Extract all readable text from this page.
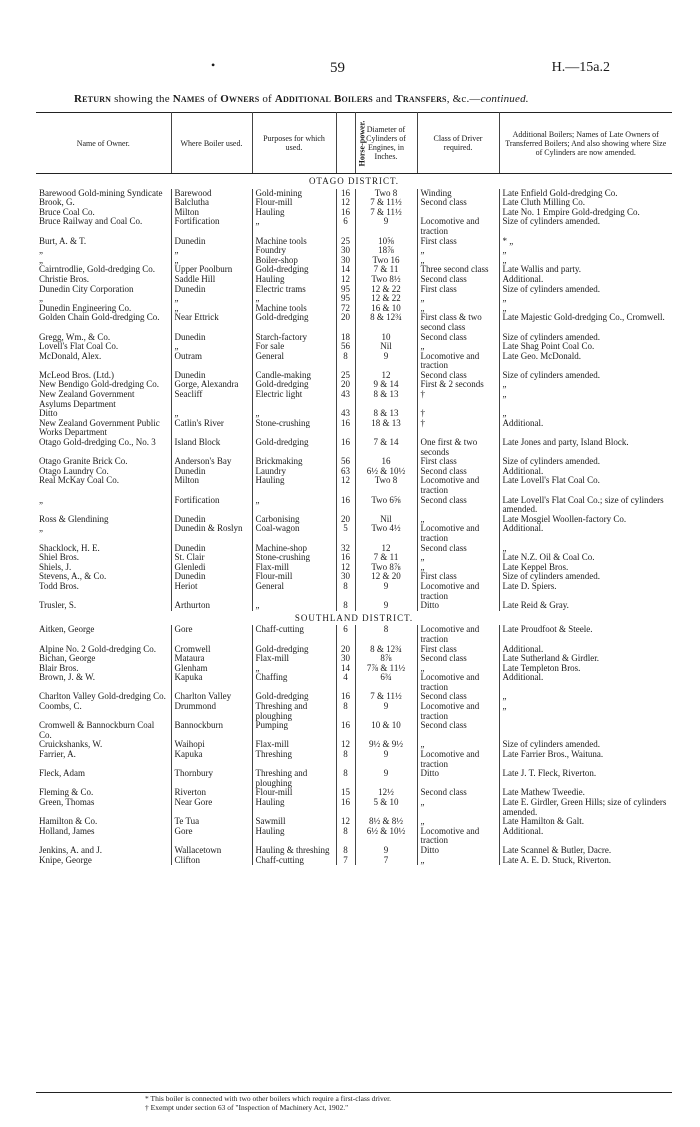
•	59	H.—15a.2
Return showing the Names of Owners of Additional Boilers and Transfers, &c.—continued.
Name of Owner.	Where Boiler used.	Purposes for which used.	Horse-power.	Diameter of Cylinders of Engines, in Inches.	Class of Driver required.	Additional Boilers; Names of Late Owners of Transferred Boilers; And also showing where Size of Cylinders are now amended.
OTAGO DISTRICT.						
Barewood Gold-mining Syndicate	Barewood	Gold-mining	16	Two 8	Winding	Late Enfield Gold-dredging Co.
Brook, G.	Balclutha	Flour-mill	12	7 & 11½	Second class	Late Cluth Milling Co.
Bruce Coal Co.	Milton	Hauling	16	7 & 11½		Late No. 1 Empire Gold-dredging Co.
Bruce Railway and Coal Co.	Fortification	„	6	9	Locomotive and traction	Size of cylinders amended.
Burt, A. & T.	Dunedin	Machine tools	25	10⅝	First class	* „
„	„	Foundry	30	18⅞	„	„
„	„	Boiler-shop	30	Two 16	„	„
Cairntrodlie, Gold-dredging Co.	Upper Poolburn	Gold-dredging	14	7 & 11	Three second class	Late Wallis and party.
Christie Bros.	Saddle Hill	Hauling	12	Two 8½	Second class	Additional.
Dunedin City Corporation	Dunedin	Electric trams	95	12 & 22	First class	Size of cylinders amended.
„	„	„	95	12 & 22	„	„
Dunedin Engineering Co.	„	Machine tools	72	16 & 10	„	„
Golden Chain Gold-dredging Co.	Near Ettrick	Gold-dredging	20	8 & 12¾	First class & two second class	Late Majestic Gold-dredging Co., Cromwell.
Gregg, Wm., & Co.	Dunedin	Starch-factory	18	10	Second class	Size of cylinders amended.
Lovell's Flat Coal Co.	„	For sale	56	Nil	„	Late Shag Point Coal Co.
McDonald, Alex.	Outram	General	8	9	Locomotive and traction	Late Geo. McDonald.
McLeod Bros. (Ltd.)	Dunedin	Candle-making	25	12	Second class	Size of cylinders amended.
New Bendigo Gold-dredging Co.	Gorge, Alexandra	Gold-dredging	20	9 & 14	First & 2 seconds	„
New Zealand Government Asylums Department	Seacliff	Electric light	43	8 & 13	†	„
Ditto	„	„	43	8 & 13	†	„
New Zealand Government Public Works Department	Catlin's River	Stone-crushing	16	18 & 13	†	Additional.
Otago Gold-dredging Co., No. 3	Island Block	Gold-dredging	16	7 & 14	One first & two seconds	Late Jones and party, Island Block.
Otago Granite Brick Co.	Anderson's Bay	Brickmaking	56	16	First class	Size of cylinders amended.
Otago Laundry Co.	Dunedin	Laundry	63	6½ & 10½	Second class	Additional.
Real McKay Coal Co.	Milton	Hauling	12	Two 8	Locomotive and traction	Late Lovell's Flat Coal Co.
„	Fortification	„	16	Two 6⅝	Second class	Late Lovell's Flat Coal Co.; size of cylinders amended.
Ross & Glendining	Dunedin	Carbonising	20	Nil	„	Late Mosgiel Woollen-factory Co.
„	Dunedin & Roslyn	Coal-wagon	5	Two 4½	Locomotive and traction	Additional.
Shacklock, H. E.	Dunedin	Machine-shop	32	12	Second class	„
Shiel Bros.	St. Clair	Stone-crushing	16	7 & 11	„	Late N.Z. Oil & Coal Co.
Shiels, J.	Glenledi	Flax-mill	12	Two 8⅞	„	Late Keppel Bros.
Stevens, A., & Co.	Dunedin	Flour-mill	30	12 & 20	First class	Size of cylinders amended.
Todd Bros.	Heriot	General	8	9	Locomotive and traction	Late D. Spiers.
Trusler, S.	Arthurton	„	8	9	Ditto	Late Reid & Gray.
SOUTHLAND DISTRICT.						
Aitken, George	Gore	Chaff-cutting	6	8	Locomotive and traction	Late Proudfoot & Steele.
Alpine No. 2 Gold-dredging Co.	Cromwell	Gold-dredging	20	8 & 12¾	First class	Additional.
Bichan, George	Mataura	Flax-mill	30	8⅞	Second class	Late Sutherland & Girdler.
Blair Bros.	Glenham	„	14	7⅞ & 11½	„	Late Templeton Bros.
Brown, J. & W.	Kapuka	Chaffing	4	6¾	Locomotive and traction	Additional.
Charlton Valley Gold-dredging Co.	Charlton Valley	Gold-dredging	16	7 & 11½	Second class	„
Coombs, C.	Drummond	Threshing and ploughing	8	9	Locomotive and traction	„
Cromwell & Bannockburn Coal Co.	Bannockburn	Pumping	16	10 & 10	Second class	
Cruickshanks, W.	Waihopi	Flax-mill	12	9½ & 9½	„	Size of cylinders amended.
Farrier, A.	Kapuka	Threshing	8	9	Locomotive and traction	Late Farrier Bros., Waituna.
Fleck, Adam	Thornbury	Threshing and ploughing	8	9	Ditto	Late J. T. Fleck, Riverton.
Fleming & Co.	Riverton	Flour-mill	15	12½	Second class	Late Mathew Tweedie.
Green, Thomas	Near Gore	Hauling	16	5 & 10	„	Late E. Girdler, Green Hills; size of cylinders amended.
Hamilton & Co.	Te Tua	Sawmill	12	8½ & 8½	„	Late Hamilton & Galt.
Holland, James	Gore	Hauling	8	6½ & 10½	Locomotive and traction	Additional.
Jenkins, A. and J.	Wallacetown	Hauling & threshing	8	9	Ditto	Late Scannel & Butler, Dacre.
Knipe, George	Clifton	Chaff-cutting	7	7	„	Late A. E. D. Stuck, Riverton.
* This boiler is connected with two other boilers which require a first-class driver.
† Exempt under section 63 of "Inspection of Machinery Act, 1902."
